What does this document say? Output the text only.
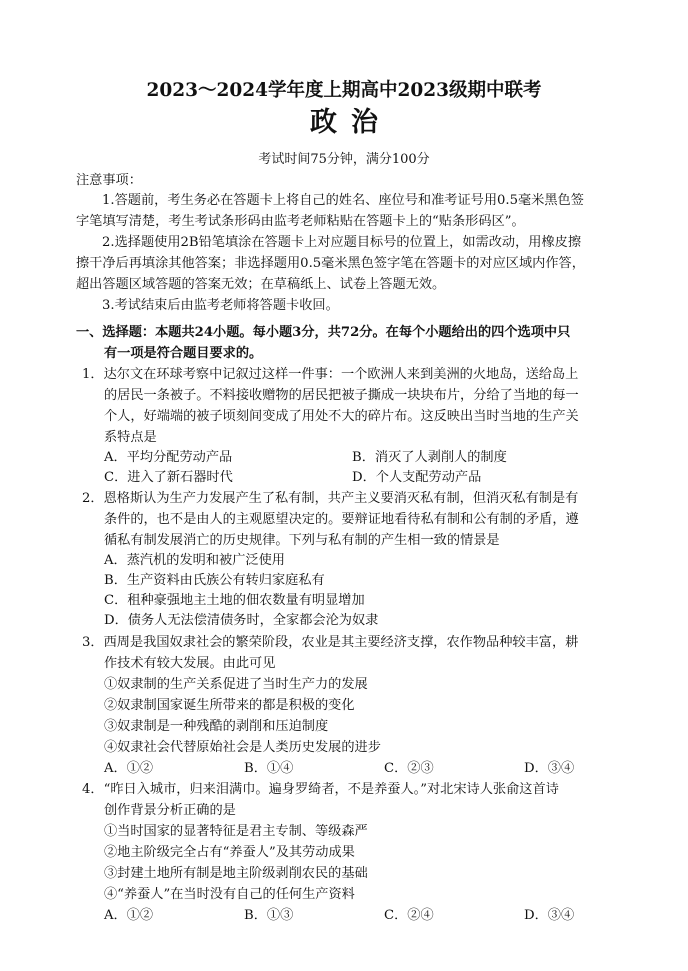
2023～2024学年度上期高中2023级期中联考
政治
考试时间75分钟，满分100分
注意事项：
1.答题前，考生务必在答题卡上将自己的姓名、座位号和准考证号用0.5毫米黑色签
字笔填写清楚，考生考试条形码由监考老师粘贴在答题卡上的“贴条形码区”。
2.选择题使用2B铅笔填涂在答题卡上对应题目标号的位置上，如需改动，用橡皮擦
擦干净后再填涂其他答案；非选择题用0.5毫米黑色签字笔在答题卡的对应区域内作答，
超出答题区域答题的答案无效；在草稿纸上、试卷上答题无效。
3.考试结束后由监考老师将答题卡收回。
一、选择题：本题共24小题。每小题3分，共72分。在每个小题给出的四个选项中只
有一项是符合题目要求的。
1．达尔文在环球考察中记叙过这样一件事：一个欧洲人来到美洲的火地岛，送给岛上
的居民一条被子。不料接收赠物的居民把被子撕成一块块布片，分给了当地的每一
个人，好端端的被子顷刻间变成了用处不大的碎片布。这反映出当时当地的生产关
系特点是
A．平均分配劳动产品	B．消灭了人剥削人的制度
C．进入了新石器时代	D．个人支配劳动产品
2．恩格斯认为生产力发展产生了私有制，共产主义要消灭私有制，但消灭私有制是有
条件的，也不是由人的主观愿望决定的。要辩证地看待私有制和公有制的矛盾，遵
循私有制发展消亡的历史规律。下列与私有制的产生相一致的情景是
A．蒸汽机的发明和被广泛使用
B．生产资料由氏族公有转归家庭私有
C．租种豪强地主土地的佃农数量有明显增加
D．债务人无法偿清债务时，全家都会沦为奴隶
3．西周是我国奴隶社会的繁荣阶段，农业是其主要经济支撑，农作物品种较丰富，耕
作技术有较大发展。由此可见
①奴隶制的生产关系促进了当时生产力的发展
②奴隶制国家诞生所带来的都是积极的变化
③奴隶制是一种残酷的剥削和压迫制度
④奴隶社会代替原始社会是人类历史发展的进步
A．①②	B．①④	C．②③	D．③④
4．“昨日入城市，归来泪满巾。遍身罗绮者，不是养蚕人。”对北宋诗人张俞这首诗
创作背景分析正确的是
①当时国家的显著特征是君主专制、等级森严
②地主阶级完全占有“养蚕人”及其劳动成果
③封建土地所有制是地主阶级剥削农民的基础
④“养蚕人”在当时没有自己的任何生产资料
A．①②	B．①③	C．②④	D．③④
